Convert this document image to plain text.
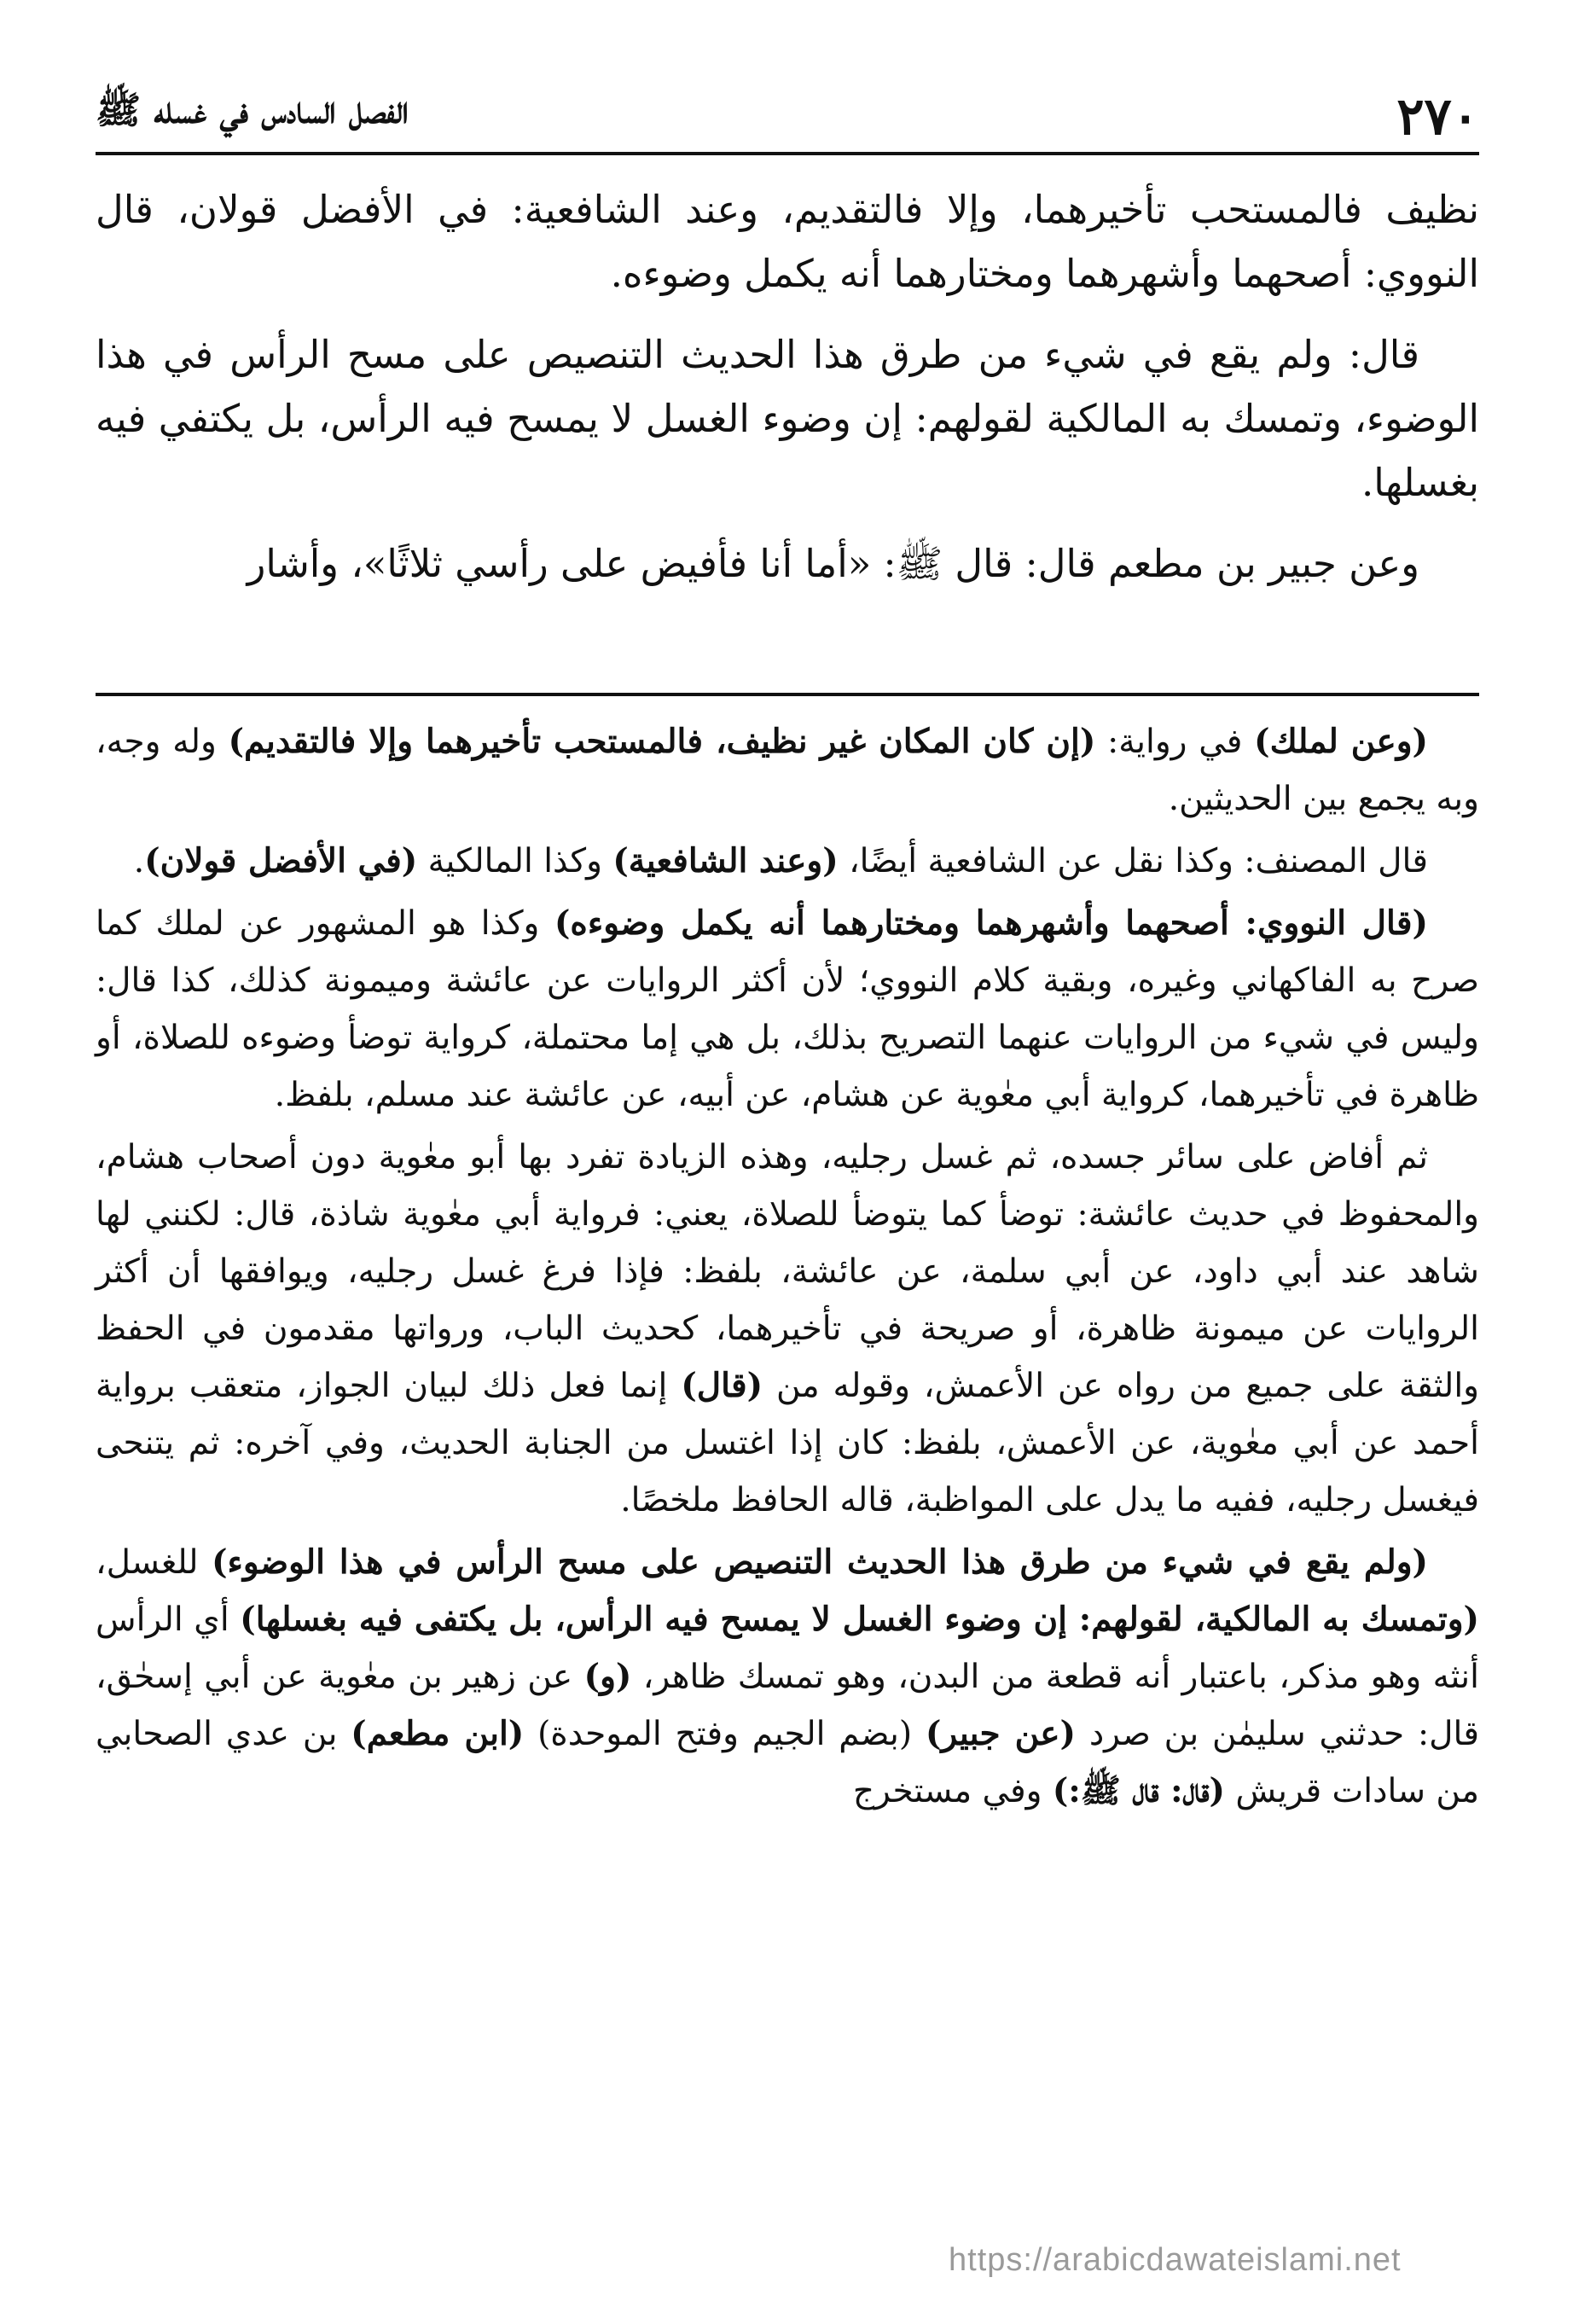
٢٧٠
الفصل السادس في غسله ﷺ

نظيف فالمستحب تأخيرهما، وإلا فالتقديم، وعند الشافعية: في الأفضل قولان، قال النووي: أصحهما وأشهرهما ومختارهما أنه يكمل وضوءه.

قال: ولم يقع في شيء من طرق هذا الحديث التنصيص على مسح الرأس في هذا الوضوء، وتمسك به المالكية لقولهم: إن وضوء الغسل لا يمسح فيه الرأس، بل يكتفي فيه بغسلها.

وعن جبير بن مطعم قال: قال ﷺ: «أما أنا فأفيض على رأسي ثلاثًا»، وأشار

(وعن لملك) في رواية: (إن كان المكان غير نظيف، فالمستحب تأخيرهما وإلا فالتقديم) وله وجه، وبه يجمع بين الحديثين.

قال المصنف: وكذا نقل عن الشافعية أيضًا، (وعند الشافعية) وكذا المالكية (في الأفضل قولان).

(قال النووي: أصحهما وأشهرهما ومختارهما أنه يكمل وضوءه) وكذا هو المشهور عن لملك كما صرح به الفاكهاني وغيره، وبقية كلام النووي؛ لأن أكثر الروايات عن عائشة وميمونة كذلك، كذا قال: وليس في شيء من الروايات عنهما التصريح بذلك، بل هي إما محتملة، كرواية توضأ وضوءه للصلاة، أو ظاهرة في تأخيرهما، كرواية أبي معٰوية عن هشام، عن أبيه، عن عائشة عند مسلم، بلفظ.

ثم أفاض على سائر جسده، ثم غسل رجليه، وهذه الزيادة تفرد بها أبو معٰوية دون أصحاب هشام، والمحفوظ في حديث عائشة: توضأ كما يتوضأ للصلاة، يعني: فرواية أبي معٰوية شاذة، قال: لكنني لها شاهد عند أبي داود، عن أبي سلمة، عن عائشة، بلفظ: فإذا فرغ غسل رجليه، ويوافقها أن أكثر الروايات عن ميمونة ظاهرة، أو صريحة في تأخيرهما، كحديث الباب، ورواتها مقدمون في الحفظ والثقة على جميع من رواه عن الأعمش، وقوله من (قال) إنما فعل ذلك لبيان الجواز، متعقب برواية أحمد عن أبي معٰوية، عن الأعمش، بلفظ: كان إذا اغتسل من الجنابة الحديث، وفي آخره: ثم يتنحى فيغسل رجليه، ففيه ما يدل على المواظبة، قاله الحافظ ملخصًا.

(ولم يقع في شيء من طرق هذا الحديث التنصيص على مسح الرأس في هذا الوضوء) للغسل، (وتمسك به المالكية، لقولهم: إن وضوء الغسل لا يمسح فيه الرأس، بل يكتفى فيه بغسلها) أي الرأس أنثه وهو مذكر، باعتبار أنه قطعة من البدن، وهو تمسك ظاهر، (و) عن زهير بن معٰوية عن أبي إسحٰق، قال: حدثني سليمٰن بن صرد (عن جبير) (بضم الجيم وفتح الموحدة) (ابن مطعم) بن عدي الصحابي من سادات قريش (قال: قال ﷺ:) وفي مستخرج

https://arabicdawateislami.net
